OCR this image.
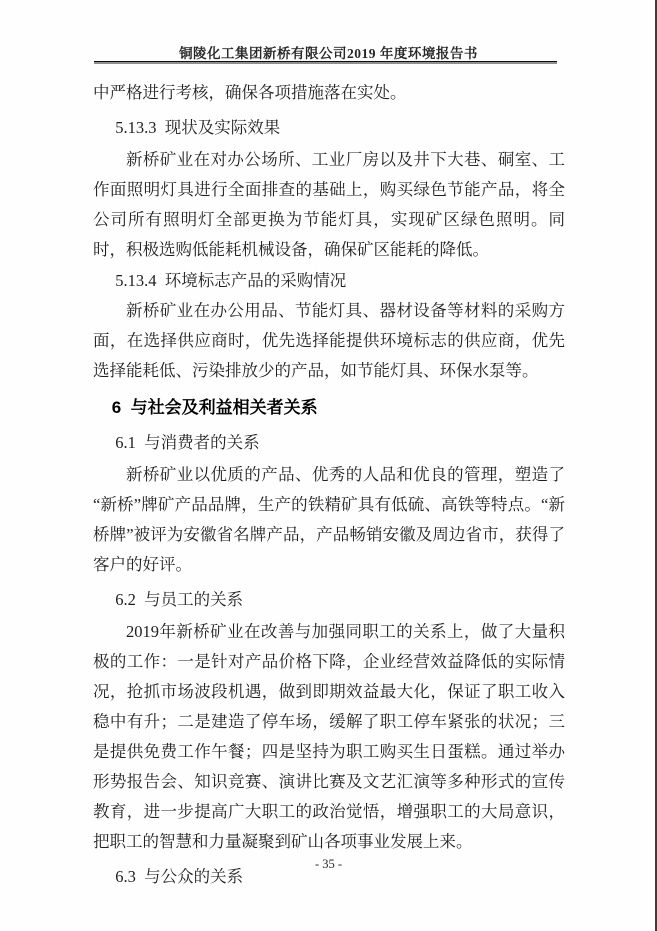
铜陵化工集团新桥有限公司2019 年度环境报告书

中严格进行考核，确保各项措施落在实处。

5.13.3  现状及实际效果

新桥矿业在对办公场所、工业厂房以及井下大巷、硐室、工作面照明灯具进行全面排查的基础上，购买绿色节能产品，将全公司所有照明灯全部更换为节能灯具，实现矿区绿色照明。同时，积极选购低能耗机械设备，确保矿区能耗的降低。

5.13.4  环境标志产品的采购情况

新桥矿业在办公用品、节能灯具、器材设备等材料的采购方面，在选择供应商时，优先选择能提供环境标志的供应商，优先选择能耗低、污染排放少的产品，如节能灯具、环保水泵等。

6  与社会及利益相关者关系

6.1  与消费者的关系

新桥矿业以优质的产品、优秀的人品和优良的管理，塑造了 “新桥”牌矿产品品牌，生产的铁精矿具有低硫、高铁等特点。“新桥牌”被评为安徽省名牌产品，产品畅销安徽及周边省市，获得了客户的好评。

6.2  与员工的关系

2019年新桥矿业在改善与加强同职工的关系上，做了大量积极的工作：一是针对产品价格下降，企业经营效益降低的实际情况，抢抓市场波段机遇，做到即期效益最大化，保证了职工收入稳中有升；二是建造了停车场，缓解了职工停车紧张的状况；三是提供免费工作午餐；四是坚持为职工购买生日蛋糕。通过举办形势报告会、知识竞赛、演讲比赛及文艺汇演等多种形式的宣传教育，进一步提高广大职工的政治觉悟，增强职工的大局意识，把职工的智慧和力量凝聚到矿山各项事业发展上来。

6.3  与公众的关系

- 35 -
